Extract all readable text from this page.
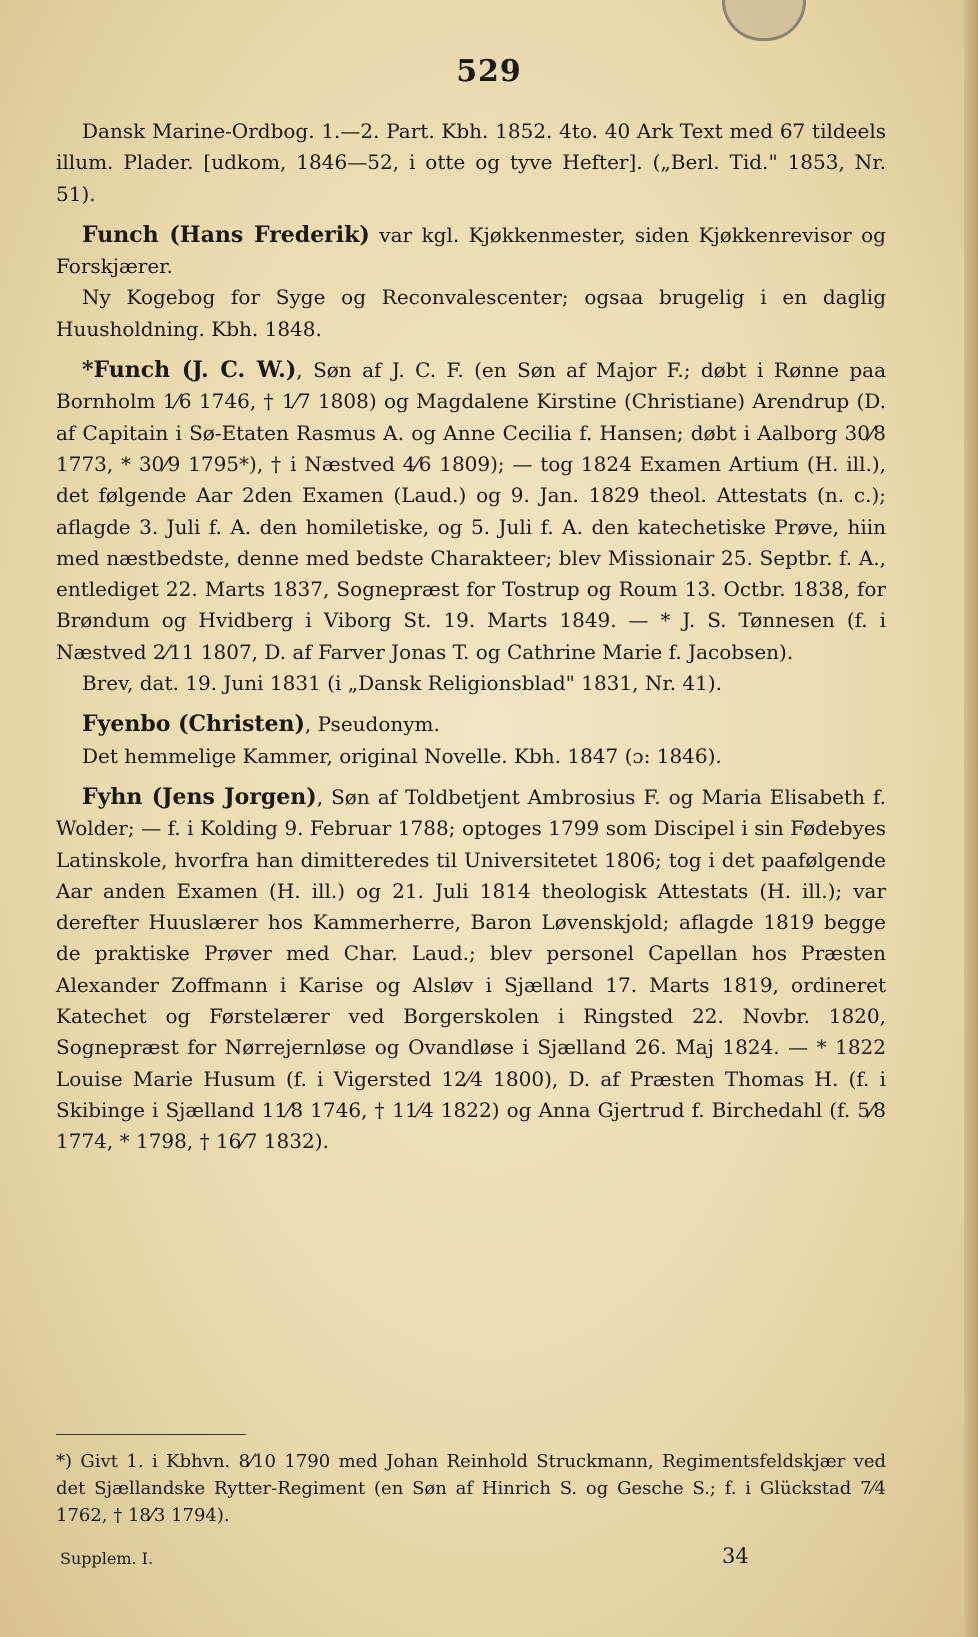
529

Dansk Marine-Ordbog. 1.—2. Part. Kbh. 1852. 4to. 40 Ark Text med 67 tildeels illum. Plader. [udkom, 1846—52, i otte og tyve Hefter]. („Berl. Tid." 1853, Nr. 51).

Funch (Hans Frederik) var kgl. Kjøkkenmester, siden Kjøkkenrevisor og Forskjærer.

Ny Kogebog for Syge og Reconvalescenter; ogsaa brugelig i en daglig Huusholdning. Kbh. 1848.

*Funch (J. C. W.), Søn af J. C. F. (en Søn af Major F.; døbt i Rønne paa Bornholm 1⁄6 1746, † 1⁄7 1808) og Magdalene Kirstine (Christiane) Arendrup (D. af Capitain i Sø-Etaten Rasmus A. og Anne Cecilia f. Hansen; døbt i Aalborg 30⁄8 1773, * 30⁄9 1795*), † i Næstved 4⁄6 1809); — tog 1824 Examen Artium (H. ill.), det følgende Aar 2den Examen (Laud.) og 9. Jan. 1829 theol. Attestats (n. c.); aflagde 3. Juli f. A. den homiletiske, og 5. Juli f. A. den katechetiske Prøve, hiin med næstbedste, denne med bedste Charakteer; blev Missionair 25. Septbr. f. A., entlediget 22. Marts 1837, Sognepræst for Tostrup og Roum 13. Octbr. 1838, for Brøndum og Hvidberg i Viborg St. 19. Marts 1849. — * J. S. Tønnesen (f. i Næstved 2⁄11 1807, D. af Farver Jonas T. og Cathrine Marie f. Jacobsen).

Brev, dat. 19. Juni 1831 (i „Dansk Religionsblad" 1831, Nr. 41).

Fyenbo (Christen), Pseudonym.

Det hemmelige Kammer, original Novelle. Kbh. 1847 (ɔ: 1846).

Fyhn (Jens Jorgen), Søn af Toldbetjent Ambrosius F. og Maria Elisabeth f. Wolder; — f. i Kolding 9. Februar 1788; optoges 1799 som Discipel i sin Fødebyes Latinskole, hvorfra han dimitteredes til Universitetet 1806; tog i det paafølgende Aar anden Examen (H. ill.) og 21. Juli 1814 theologisk Attestats (H. ill.); var derefter Huuslærer hos Kammerherre, Baron Løvenskjold; aflagde 1819 begge de praktiske Prøver med Char. Laud.; blev personel Capellan hos Præsten Alexander Zoffmann i Karise og Alsløv i Sjælland 17. Marts 1819, ordineret Katechet og Førstelærer ved Borgerskolen i Ringsted 22. Novbr. 1820, Sognepræst for Nørrejernløse og Ovandløse i Sjælland 26. Maj 1824. — * 1822 Louise Marie Husum (f. i Vigersted 12⁄4 1800), D. af Præsten Thomas H. (f. i Skibinge i Sjælland 11⁄8 1746, † 11⁄4 1822) og Anna Gjertrud f. Birchedahl (f. 5⁄8 1774, * 1798, † 16⁄7 1832).

*) Givt 1. i Kbhvn. 8⁄10 1790 med Johan Reinhold Struckmann, Regimentsfeldskjær ved det Sjællandske Rytter-Regiment (en Søn af Hinrich S. og Gesche S.; f. i Glückstad 7⁄4 1762, † 18⁄3 1794).
Supplem. I.	34
